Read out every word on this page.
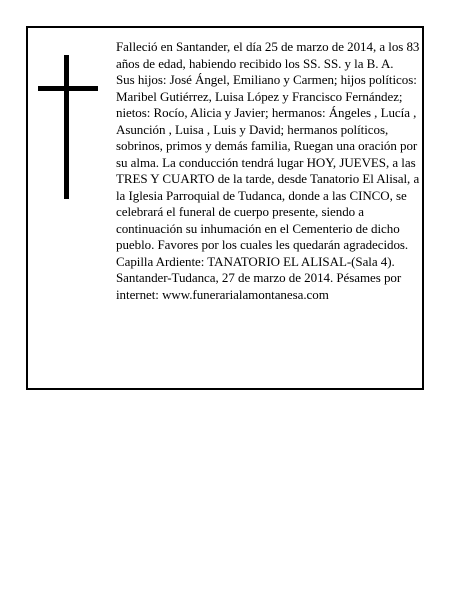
Falleció en Santander, el día 25 de marzo de 2014, a los 83 años de edad, habiendo recibido los SS. SS. y la B. A.

Sus hijos: José Ángel, Emiliano y Carmen; hijos políticos: Maribel Gutiérrez, Luisa López y Francisco Fernández; nietos: Rocío, Alicia y Javier; hermanos: Ángeles , Lucía , Asunción , Luisa , Luis y David; hermanos políticos, sobrinos, primos y demás familia, Ruegan una oración por su alma. La conducción tendrá lugar HOY, JUEVES, a las TRES Y CUARTO de la tarde, desde Tanatorio El Alisal, a la Iglesia Parroquial de Tudanca, donde a las CINCO, se celebrará el funeral de cuerpo presente, siendo a continuación su inhumación en el Cementerio de dicho pueblo. Favores por los cuales les quedarán agradecidos. Capilla Ardiente: TANATORIO EL ALISAL-(Sala 4). Santander-Tudanca, 27 de marzo de 2014. Pésames por internet: www.funerarialamontanesa.com
